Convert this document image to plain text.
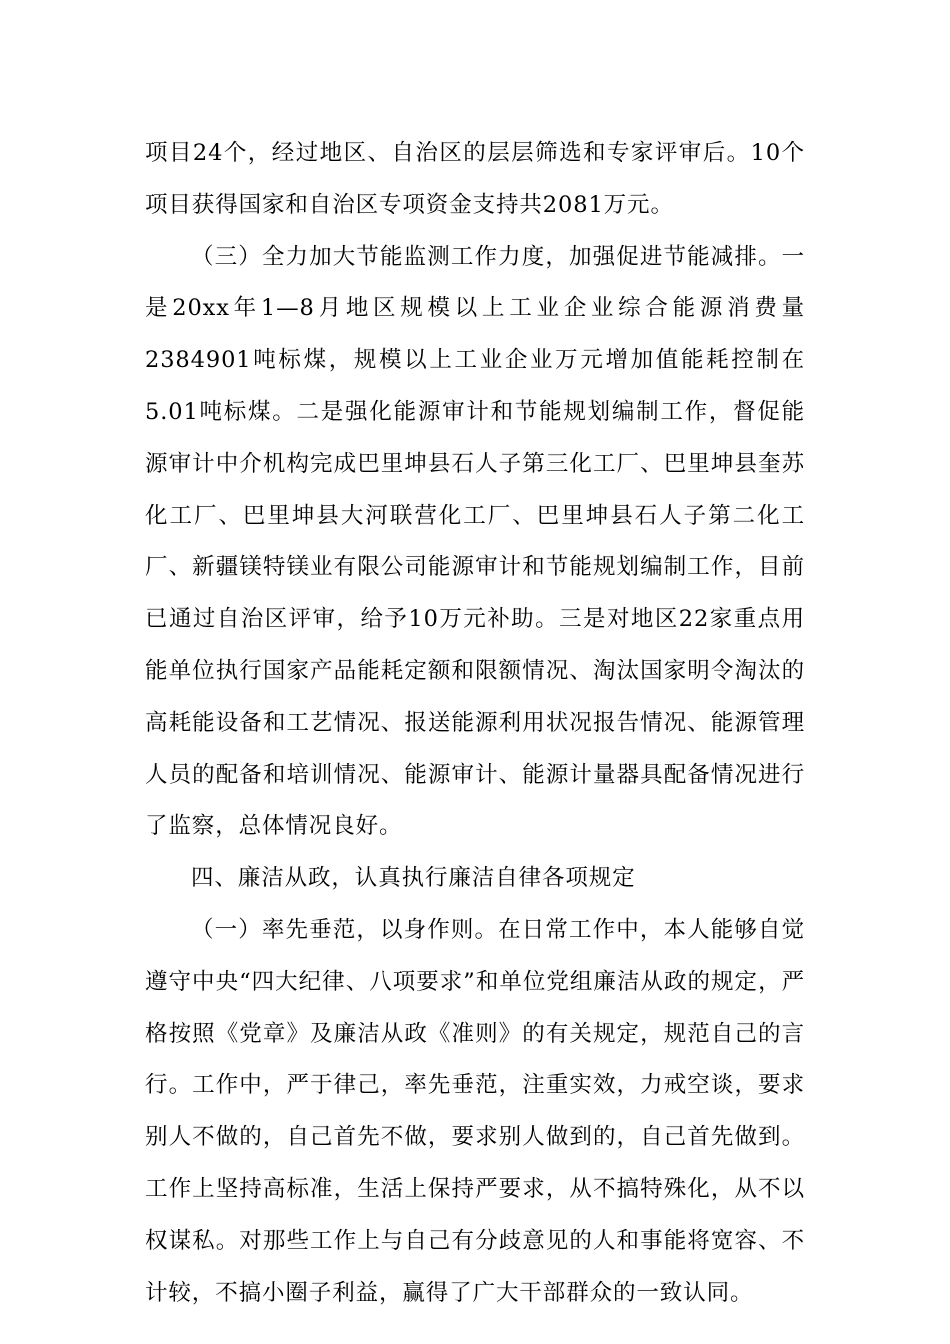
项目24个，经过地区、自治区的层层筛选和专家评审后。10个项目获得国家和自治区专项资金支持共2081万元。

（三）全力加大节能监测工作力度，加强促进节能减排。一是20xx年1—8月地区规模以上工业企业综合能源消费量2384901吨标煤，规模以上工业企业万元增加值能耗控制在5.01吨标煤。二是强化能源审计和节能规划编制工作，督促能源审计中介机构完成巴里坤县石人子第三化工厂、巴里坤县奎苏化工厂、巴里坤县大河联营化工厂、巴里坤县石人子第二化工厂、新疆镁特镁业有限公司能源审计和节能规划编制工作，目前已通过自治区评审，给予10万元补助。三是对地区22家重点用能单位执行国家产品能耗定额和限额情况、淘汰国家明令淘汰的高耗能设备和工艺情况、报送能源利用状况报告情况、能源管理人员的配备和培训情况、能源审计、能源计量器具配备情况进行了监察，总体情况良好。

四、廉洁从政，认真执行廉洁自律各项规定

（一）率先垂范，以身作则。在日常工作中，本人能够自觉遵守中央“四大纪律、八项要求”和单位党组廉洁从政的规定，严格按照《党章》及廉洁从政《准则》的有关规定，规范自己的言行。工作中，严于律己，率先垂范，注重实效，力戒空谈，要求别人不做的，自己首先不做，要求别人做到的，自己首先做到。工作上坚持高标准，生活上保持严要求，从不搞特殊化，从不以权谋私。对那些工作上与自己有分歧意见的人和事能将宽容、不计较，不搞小圈子利益，赢得了广大干部群众的一致认同。
